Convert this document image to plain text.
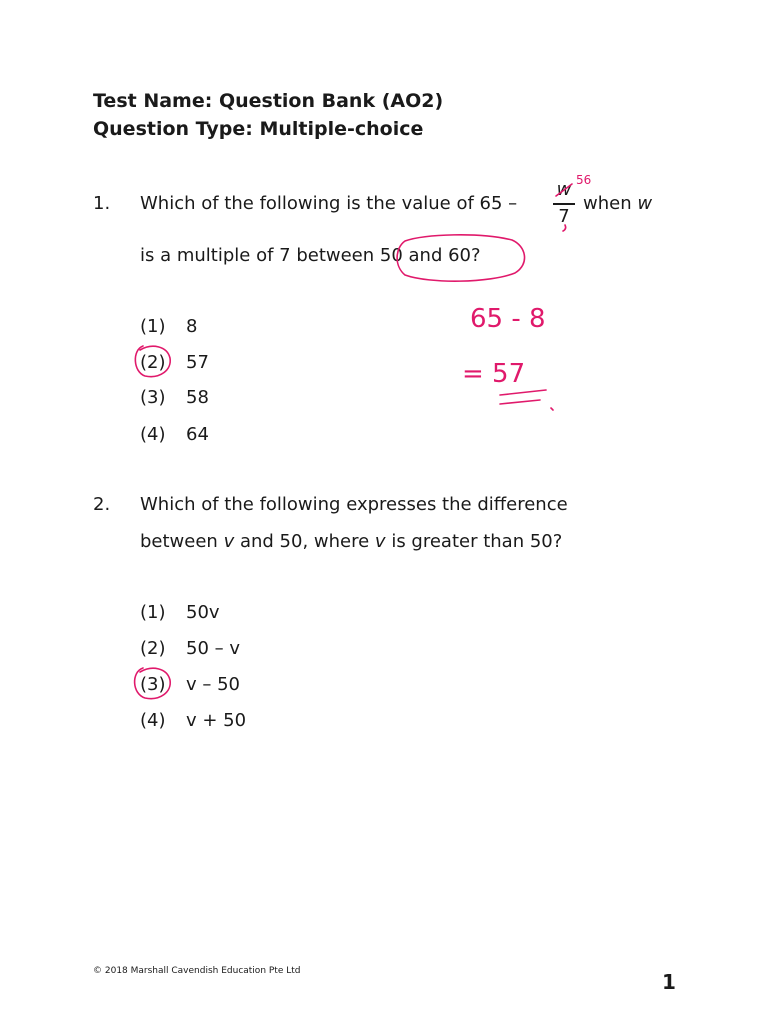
Test Name: Question Bank (AO2)
Question Type: Multiple-choice
1. Which of the following is the value of 65 –
w
7
when w
is a multiple of 7 between 50 and 60?
(1) 8
(2) 57
(3) 58
(4) 64
2. Which of the following expresses the difference
between v and 50, where v is greater than 50?
(1) 50v
(2) 50 – v
(3) v – 50
(4) v + 50
56
65 - 8
= 57
© 2018 Marshall Cavendish Education Pte Ltd	1
